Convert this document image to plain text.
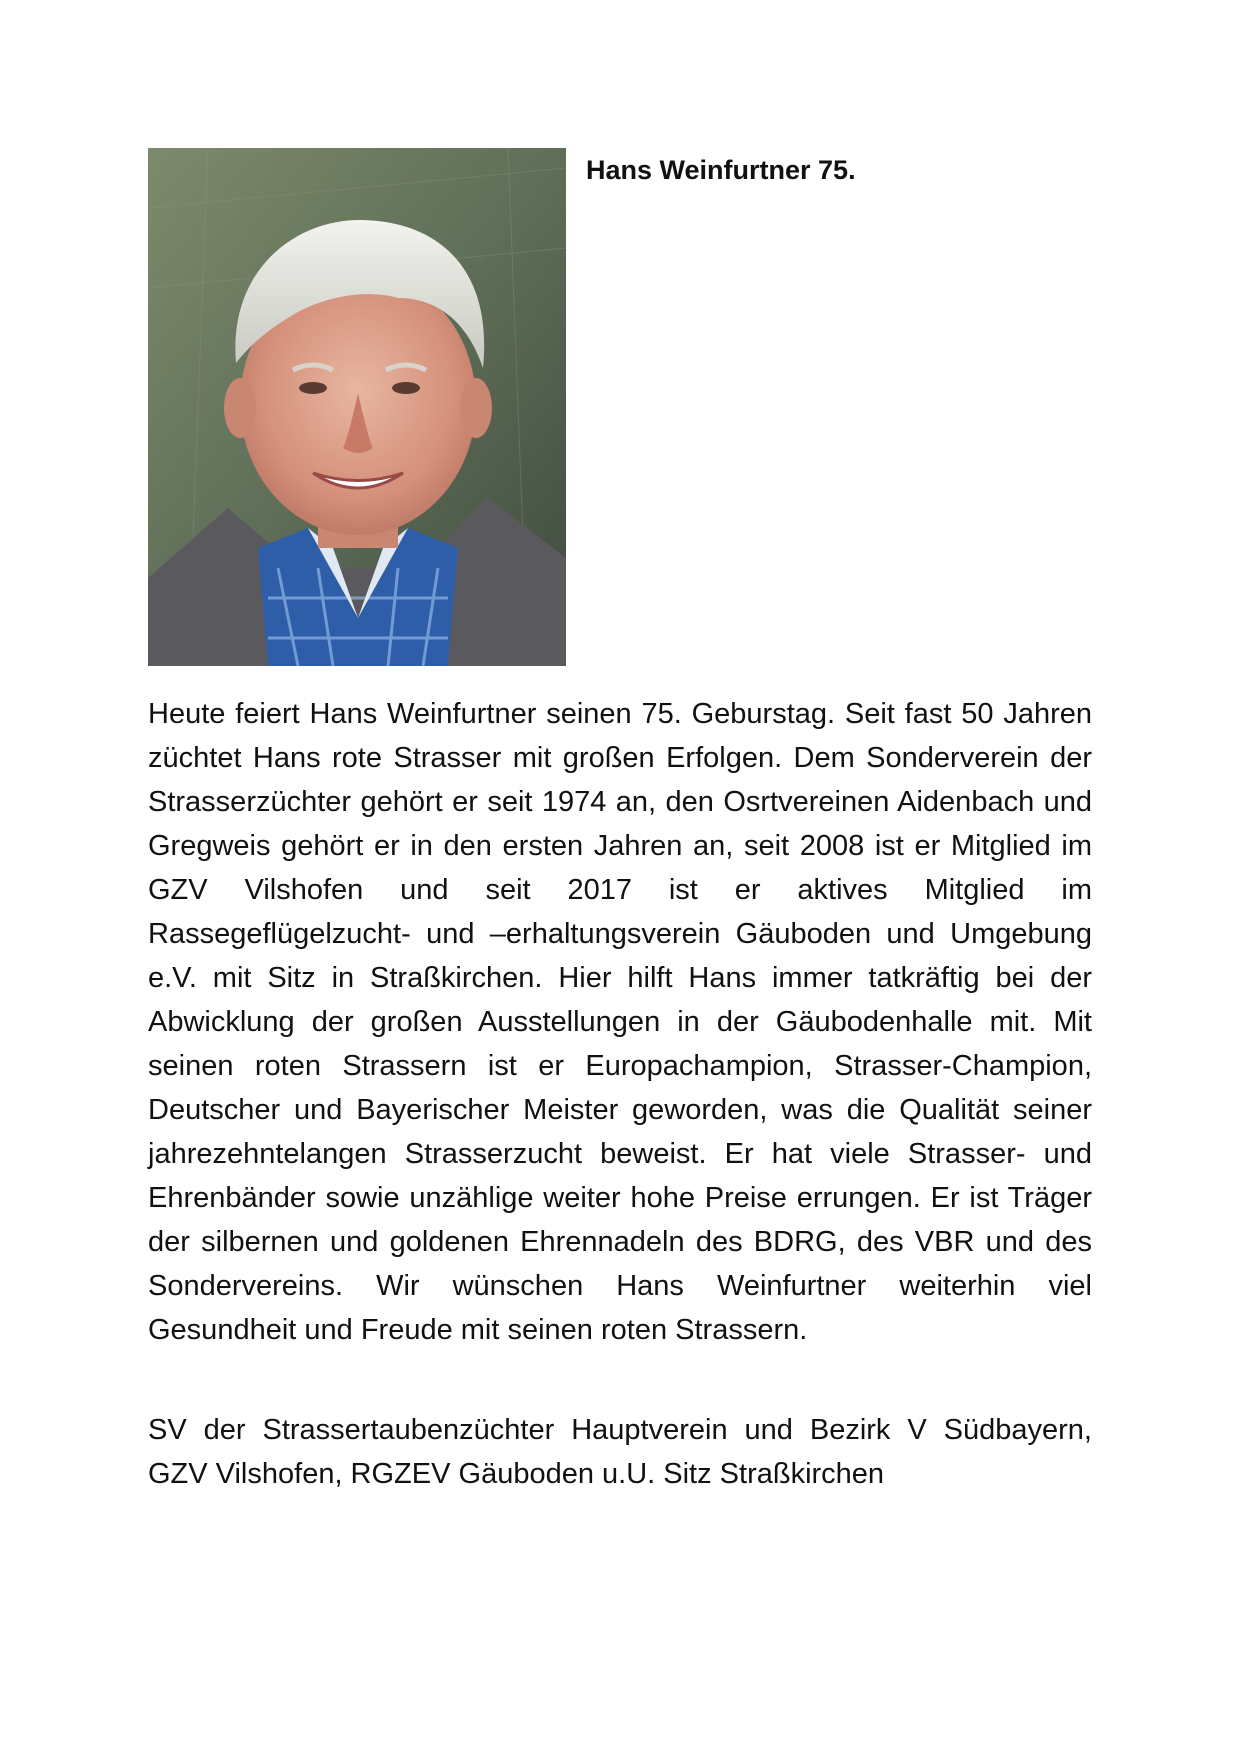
Hans Weinfurtner 75.

Heute feiert Hans Weinfurtner seinen 75. Geburstag. Seit fast 50 Jahren züchtet Hans rote Strasser mit großen Erfolgen. Dem Sonderverein der Strasserzüchter gehört er seit 1974 an, den Osrtvereinen Aidenbach und Gregweis gehört er in den ersten Jahren an, seit 2008 ist er Mitglied im GZV Vilshofen und seit 2017 ist er aktives Mitglied im Rassegeflügelzucht- und –erhaltungsverein Gäuboden und Umgebung e.V. mit Sitz in Straßkirchen. Hier hilft Hans immer tatkräftig bei der Abwicklung der großen Ausstellungen in der Gäubodenhalle mit. Mit seinen roten Strassern ist er Europachampion, Strasser-Champion, Deutscher und Bayerischer Meister geworden, was die Qualität seiner jahrezehntelangen Strasserzucht beweist. Er hat viele Strasser- und Ehrenbänder sowie unzählige weiter hohe Preise errungen. Er ist Träger der silbernen und goldenen Ehrennadeln des BDRG, des VBR und des Sondervereins. Wir wünschen Hans Weinfurtner weiterhin viel Gesundheit und Freude mit seinen roten Strassern.

SV der Strassertaubenzüchter Hauptverein und Bezirk V Südbayern, GZV Vilshofen, RGZEV Gäuboden u.U. Sitz Straßkirchen
